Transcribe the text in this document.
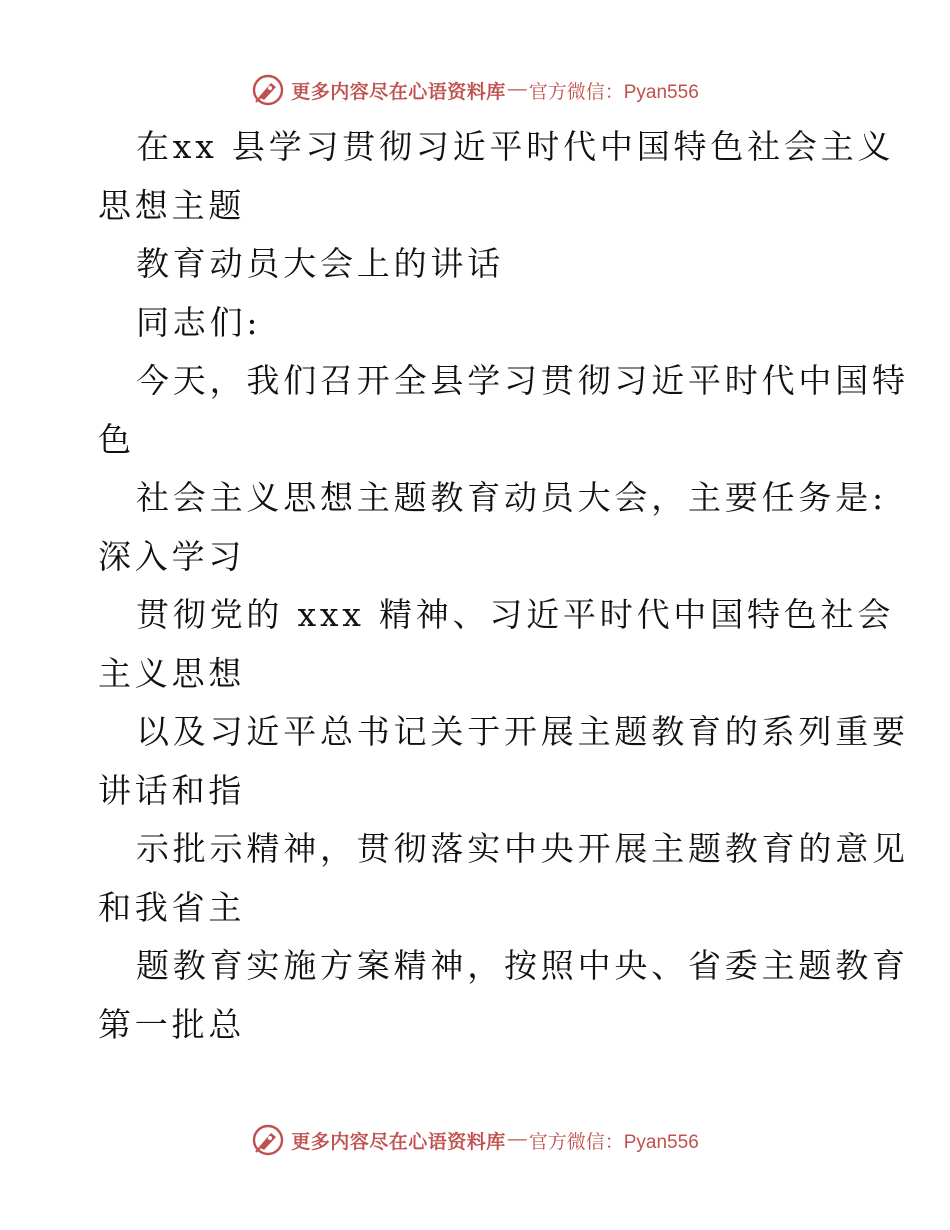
更多内容尽在心语资料库 — 官方微信：Pyan556
在xx 县学习贯彻习近平时代中国特色社会主义
思想主题
教育动员大会上的讲话
同志们:
今天，我们召开全县学习贯彻习近平时代中国特
色
社会主义思想主题教育动员大会，主要任务是:
深入学习
贯彻党的 xxx 精神、习近平时代中国特色社会
主义思想
以及习近平总书记关于开展主题教育的系列重要
讲话和指
示批示精神，贯彻落实中央开展主题教育的意见
和我省主
题教育实施方案精神，按照中央、省委主题教育
第一批总
更多内容尽在心语资料库 — 官方微信：Pyan556
